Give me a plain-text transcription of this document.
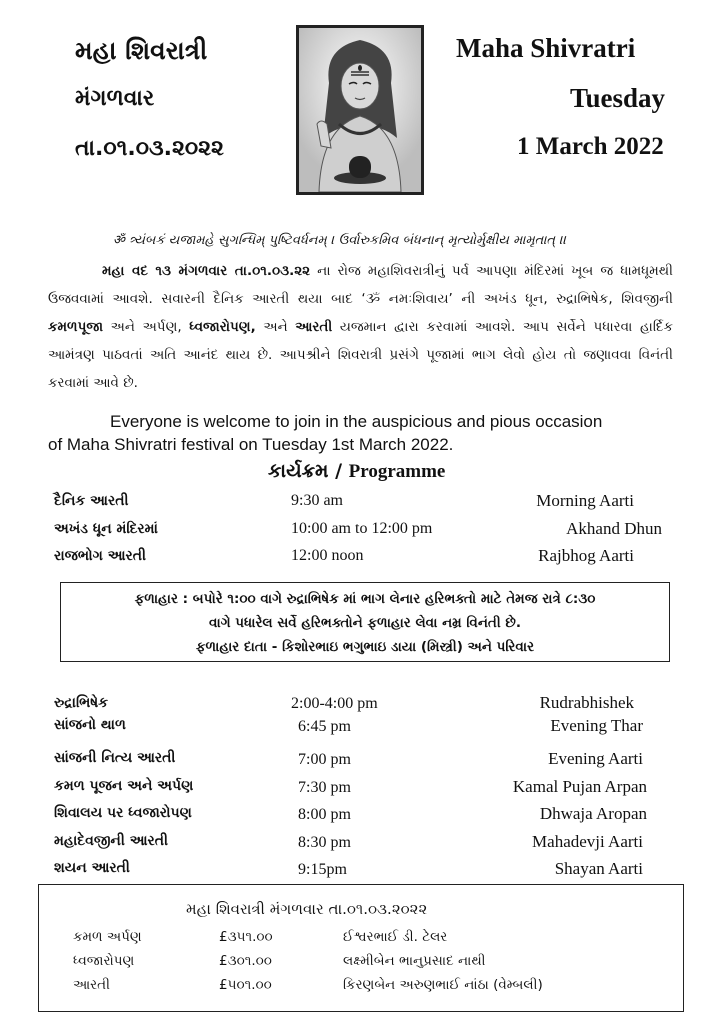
મહા શિવરાત્રી
મંગળવાર
તા.૦૧.૦૩.૨૦૨૨
Maha Shivratri
Tuesday
1 March 2022
ॐ ત્ર્યંબકં યજામહે સુગન્ધિમ્ પુષ્ટિવર્ધનમ્ । ઉર્વારુકમિવ બંધનાન્ મૃત્યોર્મુક્ષીય મામૃતાત્ ।।
મહા વદ ૧૩ મંગળવાર તા.૦૧.૦૩.૨૨ ના રોજ મહાશિવરાત્રીનું પર્વ આપણા મંદિરમાં ખૂબ જ ધામધૂમથી ઉજવવામાં આવશે. સવારની દૈનિક આરતી થયા બાદ ‘ૐ નમઃશિવાય’ ની અખંડ ધૂન, રુદ્રાભિષેક, શિવજીની કમળપૂજા અને અર્પણ, ધ્વજારોપણ, અને આરતી યજમાન દ્વારા કરવામાં આવશે. આપ સર્વેને પધારવા હાર્દિક આમંત્રણ પાઠવતાં અતિ આનંદ થાય છે. આપશ્રીને શિવરાત્રી પ્રસંગે પૂજામાં ભાગ લેવો હોય તો જણાવવા વિનંતી કરવામાં આવે છે.
Everyone is welcome to join in the auspicious and pious occasion
of Maha Shivratri festival on Tuesday 1st March 2022.
કાર્યક્રમ / Programme
દૈનિક આરતી	9:30 am	Morning Aarti
અખંડ ધૂન મંદિરમાં	10:00 am to 12:00 pm	Akhand Dhun
રાજભોગ આરતી	12:00 noon	Rajbhog Aarti
ફળાહાર : બપોરે ૧:૦૦ વાગે રુદ્રાભિષેક માં ભાગ લેનાર હરિભક્તો માટે તેમજ રાત્રે ૮:૩૦
વાગે પધારેલ સર્વે હરિભક્તોને ફળાહાર લેવા નમ્ર વિનંતી છે.
ફળાહાર દાતા - કિશોરભાઇ ભગુભાઇ ડાયા (મિસ્ત્રી) અને પરિવાર
રુદ્રાભિષેક	2:00-4:00 pm	Rudrabhishek
સાંજનો થાળ	6:45 pm	Evening Thar
સાંજની નિત્ય આરતી	7:00 pm	Evening Aarti
કમળ પૂજન અને અર્પણ	7:30 pm	Kamal Pujan Arpan
શિવાલય પર ધ્વજારોપણ	8:00 pm	Dhwaja Aropan
મહાદેવજીની આરતી	8:30 pm	Mahadevji Aarti
શયન આરતી	9:15pm	Shayan Aarti
મહા શિવરાત્રી મંગળવાર તા.૦૧.૦૩.૨૦૨૨
કમળ અર્પણ	£૩૫૧.૦૦	ઈશ્વરભાઈ ડી. ટેલર
ધ્વજારોપણ	£૩૦૧.૦૦	લક્ષ્મીબેન ભાનુપ્રસાદ નાથી
આરતી	£૫૦૧.૦૦	કિરણબેન અરુણભાઈ નાંઠા (વેમ્બલી)
